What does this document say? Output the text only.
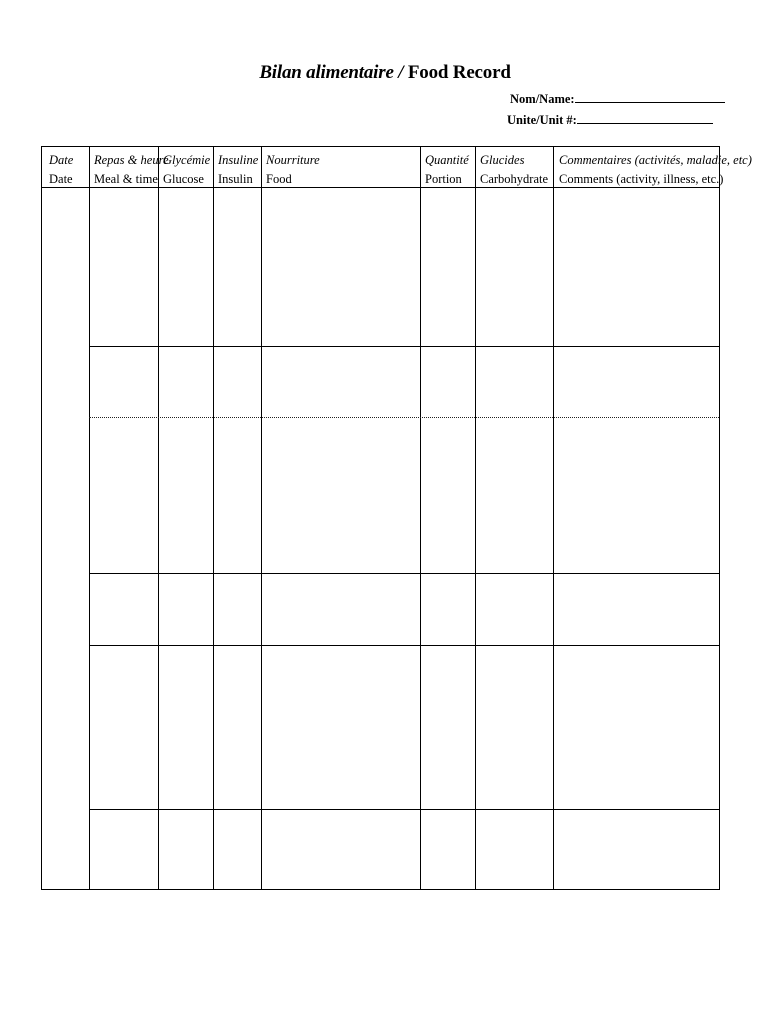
Bilan alimentaire / Food Record
Nom/Name:
Unite/Unit #:
Date
Date
Repas & heure
Meal & time
Glycémie
Glucose
Insuline
Insulin
Nourriture
Food
Quantité
Portion
Glucides
Carbohydrate
Commentaires (activités, maladie, etc)
Comments (activity, illness, etc.)
